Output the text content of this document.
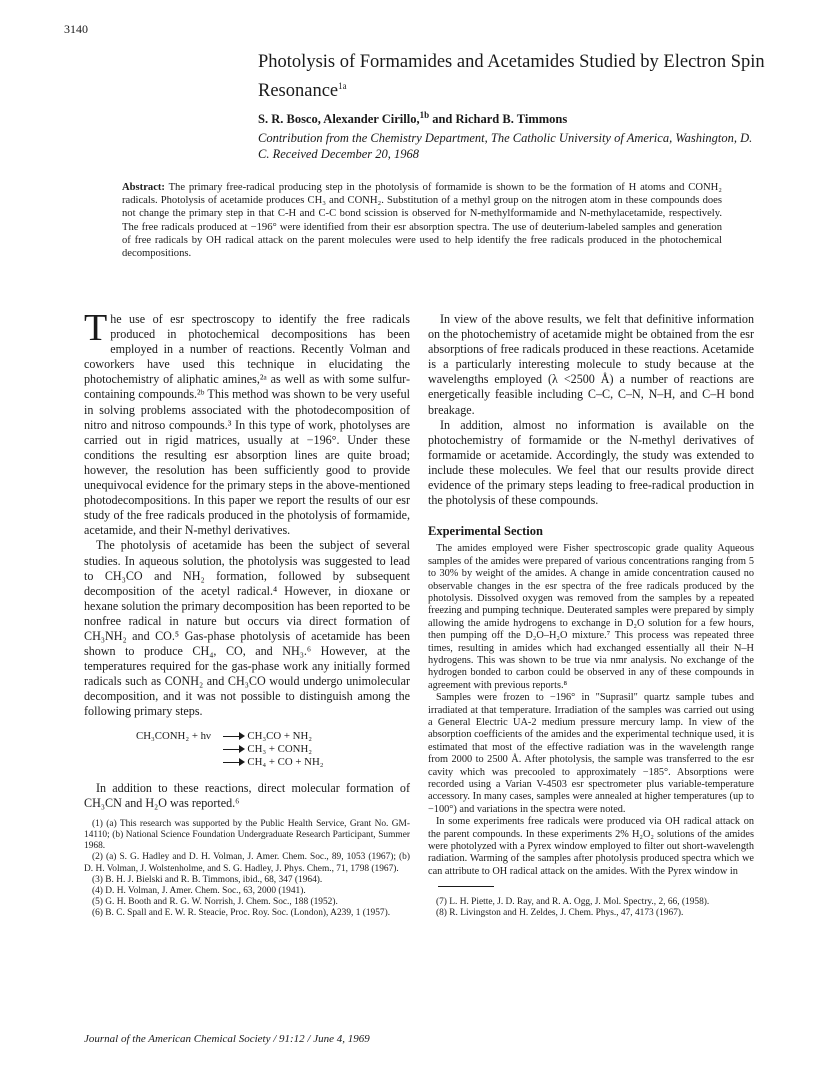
3140
Photolysis of Formamides and Acetamides Studied by Electron Spin Resonance$^{1a}$
S. R. Bosco, Alexander Cirillo,$^{1b}$ and Richard B. Timmons
Contribution from the Chemistry Department, The Catholic University of America, Washington, D. C. Received December 20, 1968
Abstract: The primary free-radical producing step in the photolysis of formamide is shown to be the formation of H atoms and CONH₂ radicals. Photolysis of acetamide produces CH₃ and CONH₂. Substitution of a methyl group on the nitrogen atom in these compounds does not change the primary step in that C-H and C-C bond scission is observed for N-methylformamide and N-methylacetamide, respectively. The free radicals produced at −196° were identified from their esr absorption spectra. The use of deuterium-labeled samples and generation of free radicals by OH radical attack on the parent molecules were used to help identify the free radicals produced in the photochemical decompositions.

The use of esr spectroscopy to identify the free radicals produced in photochemical decompositions has been employed in a number of reactions. Recently Volman and coworkers have used this technique in elucidating the photochemistry of aliphatic amines,²ᵃ as well as with some sulfur-containing compounds.²ᵇ This method was shown to be very useful in solving problems associated with the photodecomposition of nitro and nitroso compounds.³ In this type of work, photolyses are carried out in rigid matrices, usually at −196°. Under these conditions the resulting esr absorption lines are quite broad; however, the resolution has been sufficiently good to provide unequivocal evidence for the primary steps in the above-mentioned photodecompositions. In this paper we report the results of our esr study of the free radicals produced in the photolysis of formamide, acetamide, and their N-methyl derivatives.

The photolysis of acetamide has been the subject of several studies. In aqueous solution, the photolysis was suggested to lead to CH₃CO and NH₂ formation, followed by subsequent decomposition of the acetyl radical.⁴ However, in dioxane or hexane solution the primary decomposition has been reported to be nonfree radical in nature but occurs via direct formation of CH₃NH₂ and CO.⁵ Gas-phase photolysis of acetamide has been shown to produce CH₄, CO, and NH₃.⁶ However, at the temperatures required for the gas-phase work any initially formed radicals such as CONH₂ and CH₃CO would undergo unimolecular decomposition, and it was not possible to distinguish among the following primary steps.

CH₃CONH₂ + hν	CH₃CO + NH₂
CH₃ + CONH₂
CH₄ + CO + NH₂

In addition to these reactions, direct molecular formation of CH₃CN and H₂O was reported.⁶

(1) (a) This research was supported by the Public Health Service, Grant No. GM-14110; (b) National Science Foundation Undergraduate Research Participant, Summer 1968.

(2) (a) S. G. Hadley and D. H. Volman, J. Amer. Chem. Soc., 89, 1053 (1967); (b) D. H. Volman, J. Wolstenholme, and S. G. Hadley, J. Phys. Chem., 71, 1798 (1967).

(3) B. H. J. Bielski and R. B. Timmons, ibid., 68, 347 (1964).

(4) D. H. Volman, J. Amer. Chem. Soc., 63, 2000 (1941).

(5) G. H. Booth and R. G. W. Norrish, J. Chem. Soc., 188 (1952).

(6) B. C. Spall and E. W. R. Steacie, Proc. Roy. Soc. (London), A239, 1 (1957).

In view of the above results, we felt that definitive information on the photochemistry of acetamide might be obtained from the esr absorptions of free radicals produced in these reactions. Acetamide is a particularly interesting molecule to study because at the wavelengths employed (λ <2500 Å) a number of reactions are energetically feasible including C–C, C–N, N–H, and C–H bond breakage.

In addition, almost no information is available on the photochemistry of formamide or the N-methyl derivatives of formamide or acetamide. Accordingly, the study was extended to include these molecules. We feel that our results provide direct evidence of the primary steps leading to free-radical production in the photolysis of these compounds.

Experimental Section

The amides employed were Fisher spectroscopic grade quality Aqueous samples of the amides were prepared of various concentrations ranging from 5 to 30% by weight of the amides. A change in amide concentration caused no observable changes in the esr spectra of the free radicals produced by the photolysis. Dissolved oxygen was removed from the samples by a repeated freezing and pumping technique. Deuterated samples were prepared by simply allowing the amide hydrogens to exchange in D₂O solution for a few hours, then pumping off the D₂O–H₂O mixture.⁷ This process was repeated three times, resulting in amides which had exchanged essentially all their N–H hydrogens. This was shown to be true via nmr analysis. No exchange of the hydrogen bonded to carbon could be observed in any of these compounds in agreement with previous reports.⁸

Samples were frozen to −196° in "Suprasil" quartz sample tubes and irradiated at that temperature. Irradiation of the samples was carried out using a General Electric UA-2 medium pressure mercury lamp. In view of the absorption coefficients of the amides and the experimental technique used, it is estimated that most of the effective radiation was in the wavelength range from 2000 to 2500 Å. After photolysis, the sample was transferred to the esr cavity which was precooled to approximately −185°. Absorptions were recorded using a Varian V-4503 esr spectrometer plus variable-temperature accessory. In many cases, samples were annealed at higher temperatures (up to −100°) and variations in the spectra were noted.

In some experiments free radicals were produced via OH radical attack on the parent compounds. In these experiments 2% H₂O₂ solutions of the amides were photolyzed with a Pyrex window employed to filter out short-wavelength radiation. Warming of the samples after photolysis produced spectra which we can attribute to OH radical attack on the amides. With the Pyrex window in

(7) L. H. Piette, J. D. Ray, and R. A. Ogg, J. Mol. Spectry., 2, 66, (1958).

(8) R. Livingston and H. Zeldes, J. Chem. Phys., 47, 4173 (1967).

Journal of the American Chemical Society / 91:12 / June 4, 1969
